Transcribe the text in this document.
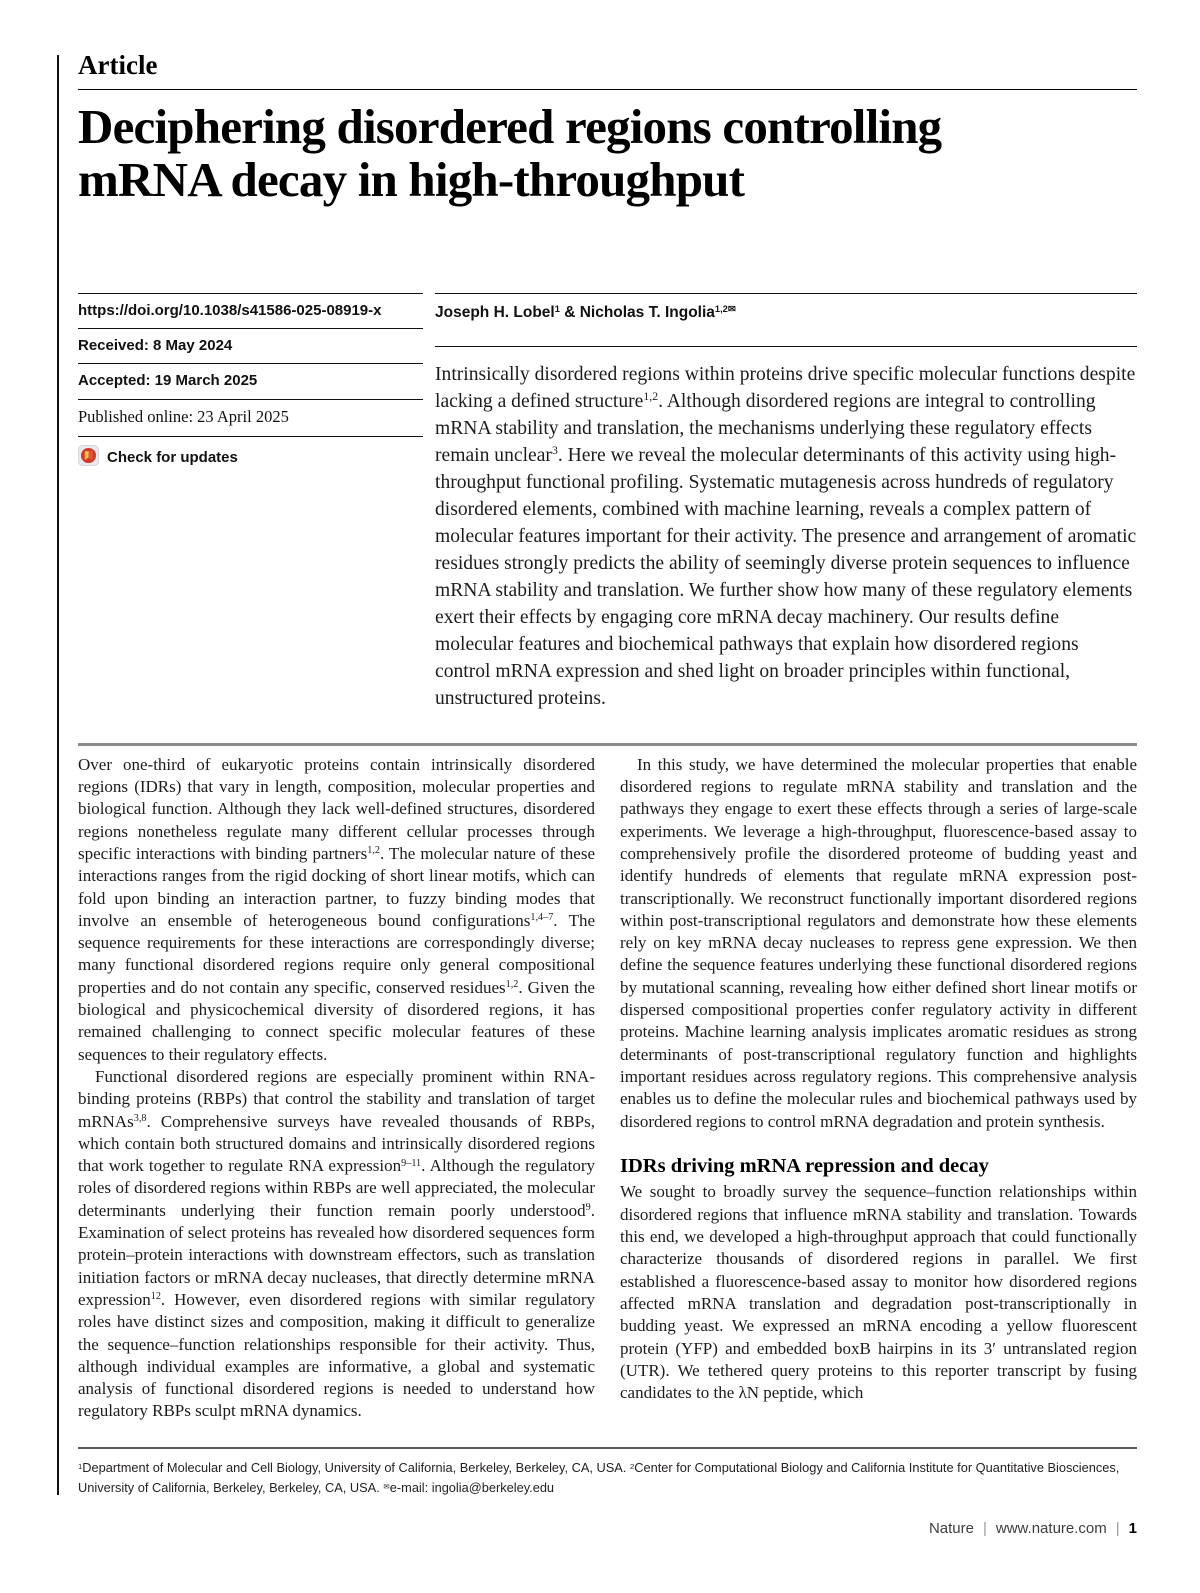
Article
Deciphering disordered regions controlling
mRNA decay in high-throughput
https://doi.org/10.1038/s41586-025-08919-x
Received: 8 May 2024
Accepted: 19 March 2025
Published online: 23 April 2025
Check for updates
Joseph H. Lobel$^1$ & Nicholas T. Ingolia$^{1,2✉}$
Intrinsically disordered regions within proteins drive specific molecular functions despite lacking a defined structure$^{1,2}$. Although disordered regions are integral to controlling mRNA stability and translation, the mechanisms underlying these regulatory effects remain unclear$^3$. Here we reveal the molecular determinants of this activity using high-throughput functional profiling. Systematic mutagenesis across hundreds of regulatory disordered elements, combined with machine learning, reveals a complex pattern of molecular features important for their activity. The presence and arrangement of aromatic residues strongly predicts the ability of seemingly diverse protein sequences to influence mRNA stability and translation. We further show how many of these regulatory elements exert their effects by engaging core mRNA decay machinery. Our results define molecular features and biochemical pathways that explain how disordered regions control mRNA expression and shed light on broader principles within functional, unstructured proteins.

Over one-third of eukaryotic proteins contain intrinsically disordered regions (IDRs) that vary in length, composition, molecular properties and biological function. Although they lack well-defined structures, disordered regions nonetheless regulate many different cellular processes through specific interactions with binding partners$^{1,2}$. The molecular nature of these interactions ranges from the rigid docking of short linear motifs, which can fold upon binding an interaction partner, to fuzzy binding modes that involve an ensemble of heterogeneous bound configurations$^{1,4-7}$. The sequence requirements for these interactions are correspondingly diverse; many functional disordered regions require only general compositional properties and do not contain any specific, conserved residues$^{1,2}$. Given the biological and physicochemical diversity of disordered regions, it has remained challenging to connect specific molecular features of these sequences to their regulatory effects.

Functional disordered regions are especially prominent within RNA-binding proteins (RBPs) that control the stability and translation of target mRNAs$^{3,8}$. Comprehensive surveys have revealed thousands of RBPs, which contain both structured domains and intrinsically disordered regions that work together to regulate RNA expression$^{9-11}$. Although the regulatory roles of disordered regions within RBPs are well appreciated, the molecular determinants underlying their function remain poorly understood$^9$. Examination of select proteins has revealed how disordered sequences form protein–protein interactions with downstream effectors, such as translation initiation factors or mRNA decay nucleases, that directly determine mRNA expression$^{12}$. However, even disordered regions with similar regulatory roles have distinct sizes and composition, making it difficult to generalize the sequence–function relationships responsible for their activity. Thus, although individual examples are informative, a global and systematic analysis of functional disordered regions is needed to understand how regulatory RBPs sculpt mRNA dynamics.

In this study, we have determined the molecular properties that enable disordered regions to regulate mRNA stability and translation and the pathways they engage to exert these effects through a series of large-scale experiments. We leverage a high-throughput, fluorescence-based assay to comprehensively profile the disordered proteome of budding yeast and identify hundreds of elements that regulate mRNA expression post-transcriptionally. We reconstruct functionally important disordered regions within post-transcriptional regulators and demonstrate how these elements rely on key mRNA decay nucleases to repress gene expression. We then define the sequence features underlying these functional disordered regions by mutational scanning, revealing how either defined short linear motifs or dispersed compositional properties confer regulatory activity in different proteins. Machine learning analysis implicates aromatic residues as strong determinants of post-transcriptional regulatory function and highlights important residues across regulatory regions. This comprehensive analysis enables us to define the molecular rules and biochemical pathways used by disordered regions to control mRNA degradation and protein synthesis.

IDRs driving mRNA repression and decay

We sought to broadly survey the sequence–function relationships within disordered regions that influence mRNA stability and translation. Towards this end, we developed a high-throughput approach that could functionally characterize thousands of disordered regions in parallel. We first established a fluorescence-based assay to monitor how disordered regions affected mRNA translation and degradation post-transcriptionally in budding yeast. We expressed an mRNA encoding a yellow fluorescent protein (YFP) and embedded boxB hairpins in its 3′ untranslated region (UTR). We tethered query proteins to this reporter transcript by fusing candidates to the λN peptide, which

$^1$Department of Molecular and Cell Biology, University of California, Berkeley, Berkeley, CA, USA. $^2$Center for Computational Biology and California Institute for Quantitative Biosciences, University of California, Berkeley, Berkeley, CA, USA. ✉e-mail: ingolia@berkeley.edu
Nature | www.nature.com | 1
